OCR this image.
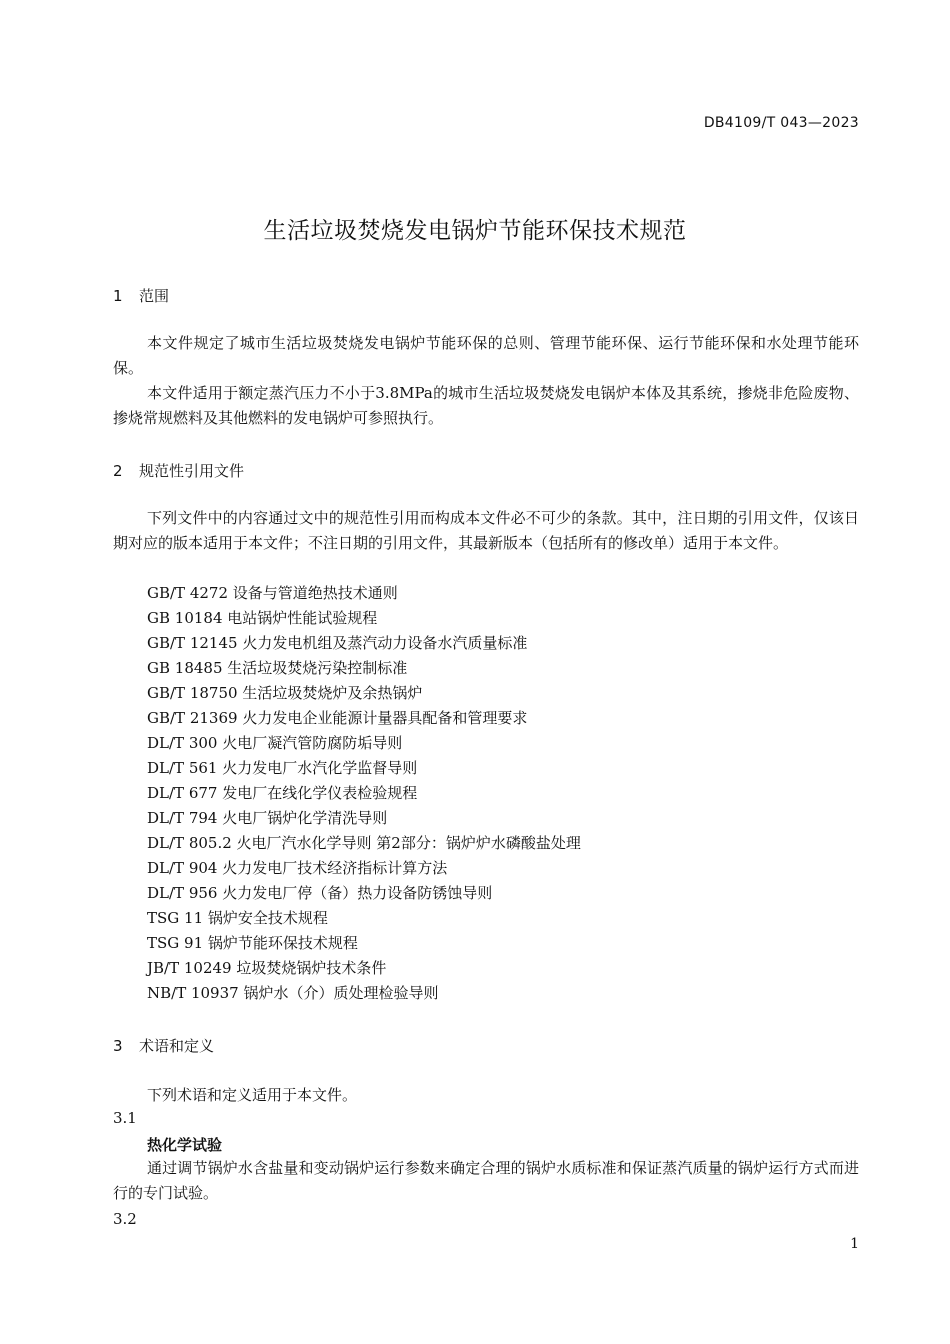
DB4109/T 043—2023
生活垃圾焚烧发电锅炉节能环保技术规范
1 范围
本文件规定了城市生活垃圾焚烧发电锅炉节能环保的总则、管理节能环保、运行节能环保和水处理节能环保。
本文件适用于额定蒸汽压力不小于3.8MPa的城市生活垃圾焚烧发电锅炉本体及其系统，掺烧非危险废物、掺烧常规燃料及其他燃料的发电锅炉可参照执行。
2 规范性引用文件
下列文件中的内容通过文中的规范性引用而构成本文件必不可少的条款。其中，注日期的引用文件，仅该日期对应的版本适用于本文件；不注日期的引用文件，其最新版本（包括所有的修改单）适用于本文件。
GB/T 4272 设备与管道绝热技术通则
GB 10184 电站锅炉性能试验规程
GB/T 12145 火力发电机组及蒸汽动力设备水汽质量标准
GB 18485 生活垃圾焚烧污染控制标准
GB/T 18750 生活垃圾焚烧炉及余热锅炉
GB/T 21369 火力发电企业能源计量器具配备和管理要求
DL/T 300 火电厂凝汽管防腐防垢导则
DL/T 561 火力发电厂水汽化学监督导则
DL/T 677 发电厂在线化学仪表检验规程
DL/T 794 火电厂锅炉化学清洗导则
DL/T 805.2 火电厂汽水化学导则 第2部分：锅炉炉水磷酸盐处理
DL/T 904 火力发电厂技术经济指标计算方法
DL/T 956 火力发电厂停（备）热力设备防锈蚀导则
TSG 11 锅炉安全技术规程
TSG 91 锅炉节能环保技术规程
JB/T 10249 垃圾焚烧锅炉技术条件
NB/T 10937 锅炉水（介）质处理检验导则
3 术语和定义
下列术语和定义适用于本文件。
3.1
热化学试验
通过调节锅炉水含盐量和变动锅炉运行参数来确定合理的锅炉水质标准和保证蒸汽质量的锅炉运行方式而进行的专门试验。
3.2
1
